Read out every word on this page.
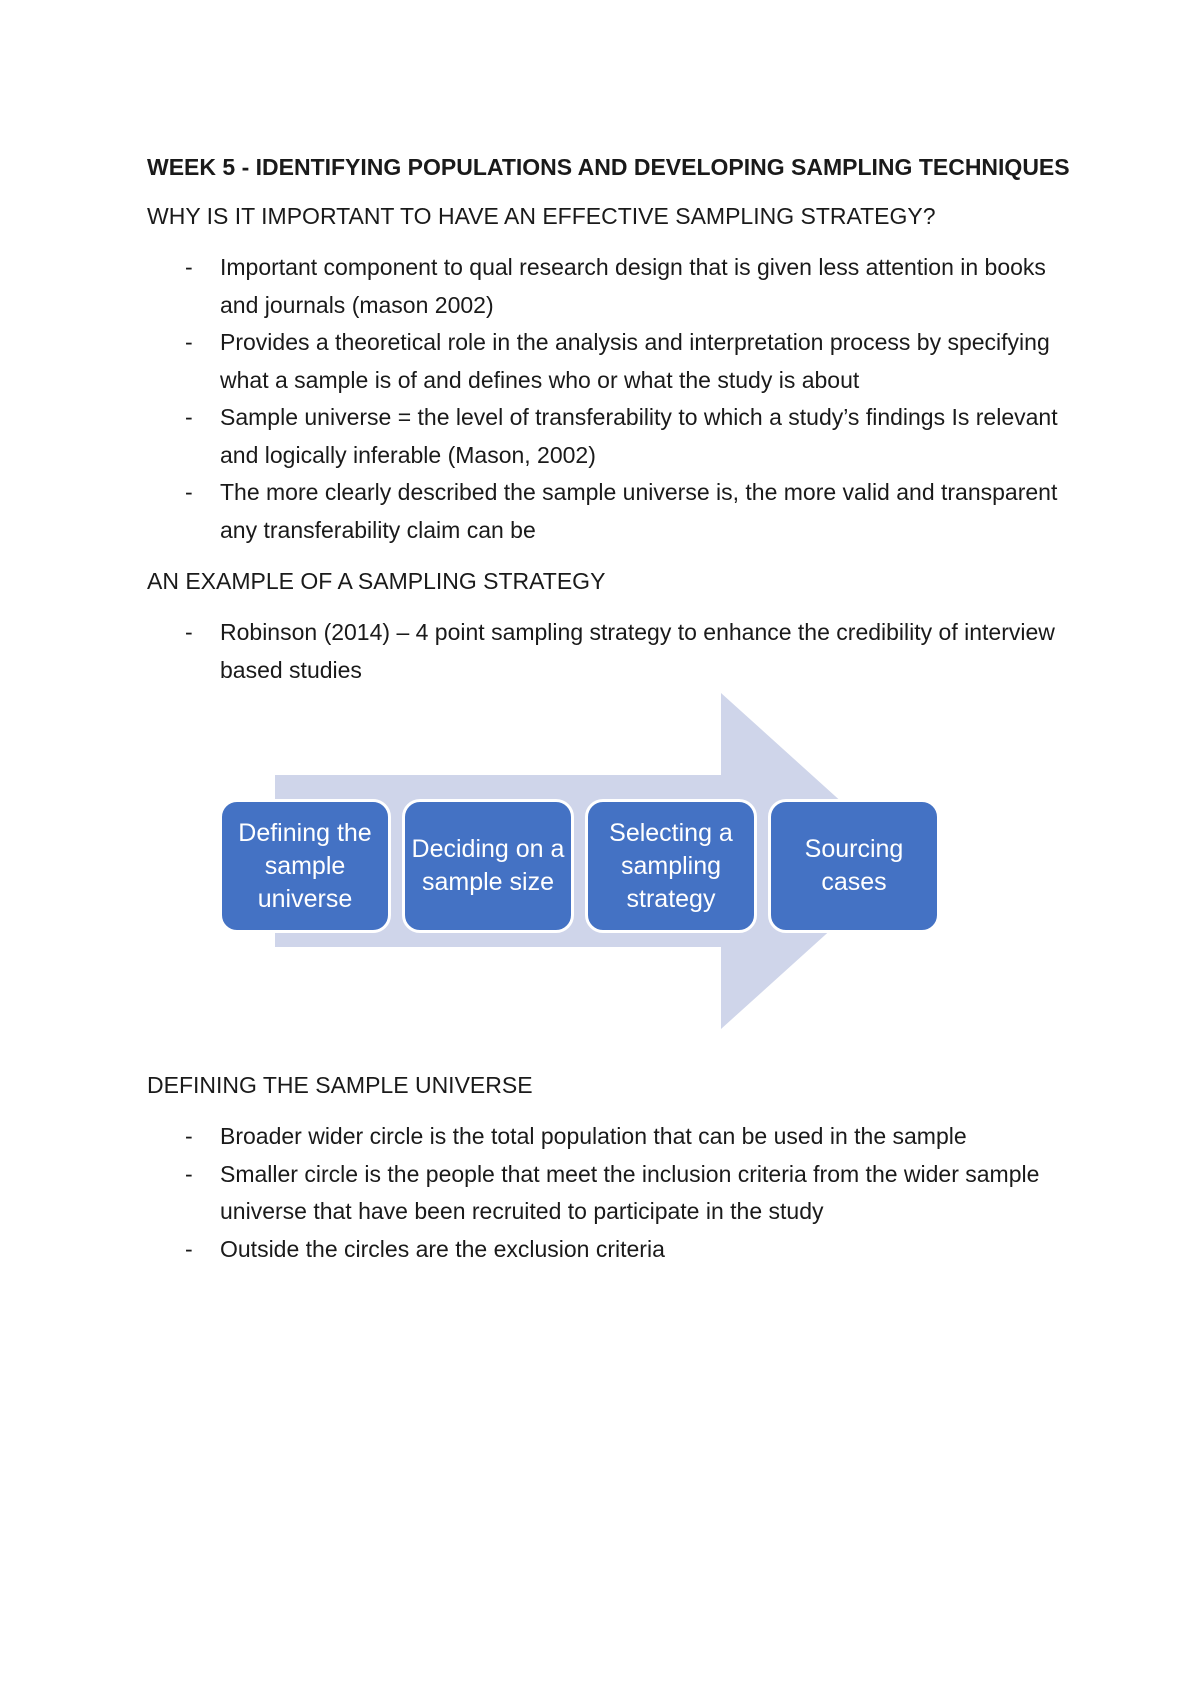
WEEK 5 - IDENTIFYING POPULATIONS AND DEVELOPING SAMPLING TECHNIQUES
WHY IS IT IMPORTANT TO HAVE AN EFFECTIVE SAMPLING STRATEGY?
- Important component to qual research design that is given less attention in books and journals (mason 2002)
- Provides a theoretical role in the analysis and interpretation process by specifying what a sample is of and defines who or what the study is about
- Sample universe = the level of transferability to which a study’s findings Is relevant and logically inferable (Mason, 2002)
- The more clearly described the sample universe is, the more valid and transparent any transferability claim can be
AN EXAMPLE OF A SAMPLING STRATEGY
- Robinson (2014) – 4 point sampling strategy to enhance the credibility of interview based studies
Defining the sample universe
Deciding on a sample size
Selecting a sampling strategy
Sourcing cases
DEFINING THE SAMPLE UNIVERSE
- Broader wider circle is the total population that can be used in the sample
- Smaller circle is the people that meet the inclusion criteria from the wider sample universe that have been recruited to participate in the study
- Outside the circles are the exclusion criteria
